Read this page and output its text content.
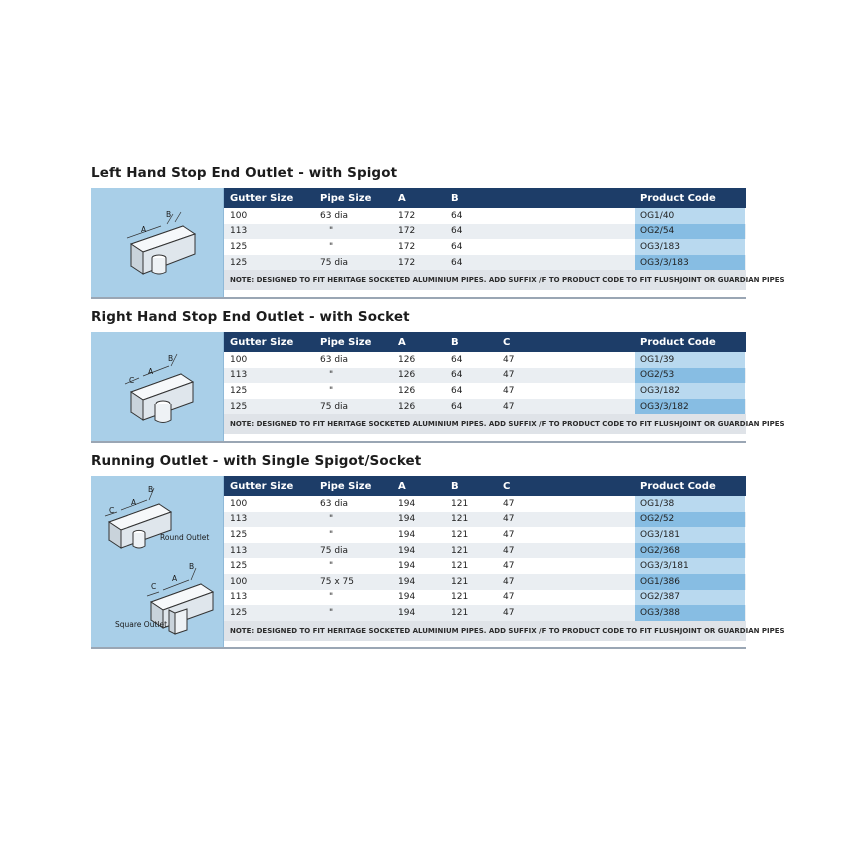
Left Hand Stop End Outlet - with Spigot
A
B
Gutter Size	Pipe Size	A	B	Product Code
100	63 dia	172	64	OG1/40
113	"	172	64	OG2/54
125	"	172	64	OG3/183
125	75 dia	172	64	OG3/3/183
NOTE: DESIGNED TO FIT HERITAGE SOCKETED ALUMINIUM PIPES. ADD SUFFIX /F TO PRODUCT CODE TO FIT FLUSHJOINT OR GUARDIAN PIPES
Right Hand Stop End Outlet - with Socket
A
B
C
Gutter Size	Pipe Size	A	B	C	Product Code
100	63 dia	126	64	47	OG1/39
113	"	126	64	47	OG2/53
125	"	126	64	47	OG3/182
125	75 dia	126	64	47	OG3/3/182
NOTE: DESIGNED TO FIT HERITAGE SOCKETED ALUMINIUM PIPES. ADD SUFFIX /F TO PRODUCT CODE TO FIT FLUSHJOINT OR GUARDIAN PIPES
Running Outlet - with Single Spigot/Socket
C
A
B
Round Outlet
C
A
B
Square Outlet
Gutter Size	Pipe Size	A	B	C	Product Code
100	63 dia	194	121	47	OG1/38
113	"	194	121	47	OG2/52
125	"	194	121	47	OG3/181
113	75 dia	194	121	47	OG2/368
125	"	194	121	47	OG3/3/181
100	75 x 75	194	121	47	OG1/386
113	"	194	121	47	OG2/387
125	"	194	121	47	OG3/388
NOTE: DESIGNED TO FIT HERITAGE SOCKETED ALUMINIUM PIPES. ADD SUFFIX /F TO PRODUCT CODE TO FIT FLUSHJOINT OR GUARDIAN PIPES
